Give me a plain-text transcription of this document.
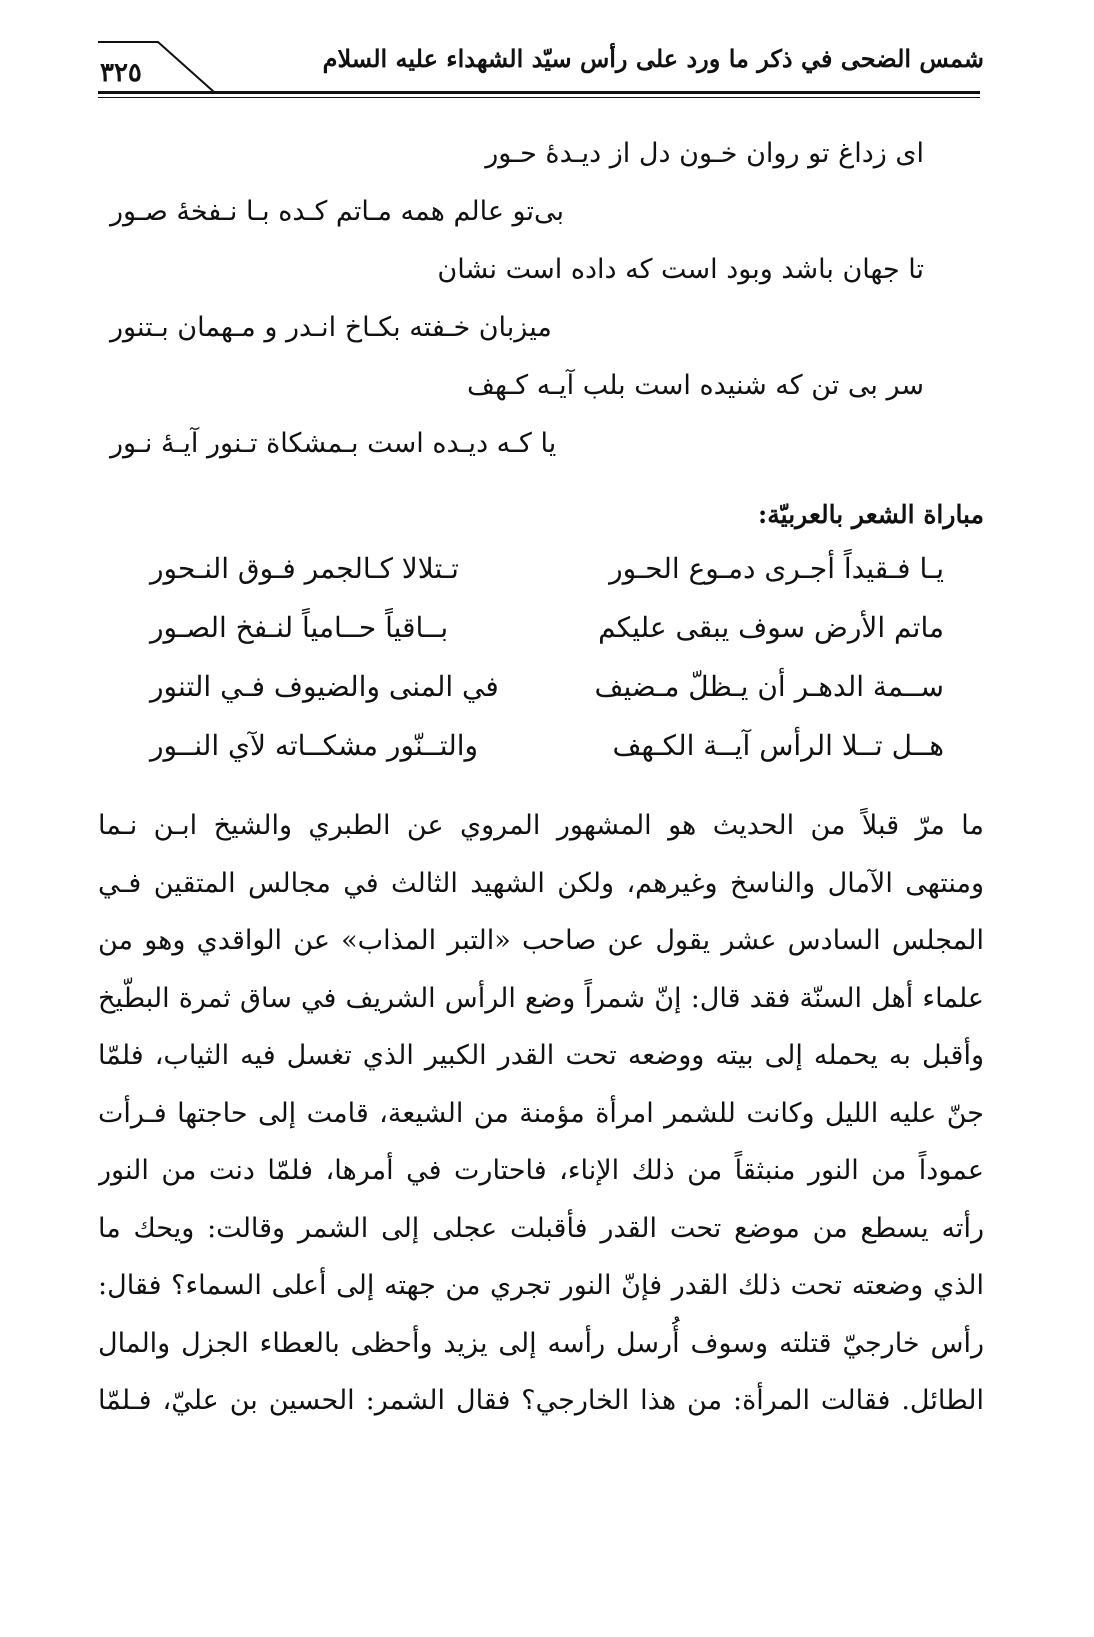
شمس الضحى في ذكر ما ورد على رأس سيّد الشهداء عليه السلام
٣٢٥
اى زداغ تو روان خـون دل از ديـدهٔ حـور
بى‌تو عالم همه مـاتم كـده بـا نـفخهٔ صـور
تا جهان باشد وبود است كه داده است نشان
ميزبان خـفته بكـاخ انـدر و مـهمان بـتنور
سر بى تن كه شنيده است بلب آيـه كـهف
يا كـه ديـده است بـمشكاة تـنور آيـهٔ نـور
مباراة الشعر بالعربيّة:
يـا فـقيداً أجـرى دمـوع الحـور
تـتلالا كـالجمر فـوق النـحور
ماتم الأرض سوف يبقى عليكم
بــاقياً حــامياً لنـفخ الصـور
ســمة الدهـر أن يـظلّ مـضيف
في المنى والضيوف فـي التنور
هــل تــلا الرأس آيــة الكـهف
والتــنّور مشكــاته لآي النــور
ما مرّ قبلاً من الحديث هو المشهور المروي عن الطبري والشيخ ابـن نـما
ومنتهى الآمال والناسخ وغيرهم، ولكن الشهيد الثالث في مجالس المتقين فـي
المجلس السادس عشر يقول عن صاحب «التبر المذاب» عن الواقدي وهو من
علماء أهل السنّة فقد قال: إنّ شمراً وضع الرأس الشريف في ساق ثمرة البطّيخ
وأقبل به يحمله إلى بيته ووضعه تحت القدر الكبير الذي تغسل فيه الثياب، فلمّا
جنّ عليه الليل وكانت للشمر امرأة مؤمنة من الشيعة، قامت إلى حاجتها فـرأت
عموداً من النور منبثقاً من ذلك الإناء، فاحتارت في أمرها، فلمّا دنت من النور
رأته يسطع من موضع تحت القدر فأقبلت عجلى إلى الشمر وقالت: ويحك ما
الذي وضعته تحت ذلك القدر فإنّ النور تجري من جهته إلى أعلى السماء؟ فقال:
رأس خارجيّ قتلته وسوف أُرسل رأسه إلى يزيد وأحظى بالعطاء الجزل والمال
الطائل. فقالت المرأة: من هذا الخارجي؟ فقال الشمر: الحسين بن عليّ، فـلمّا
